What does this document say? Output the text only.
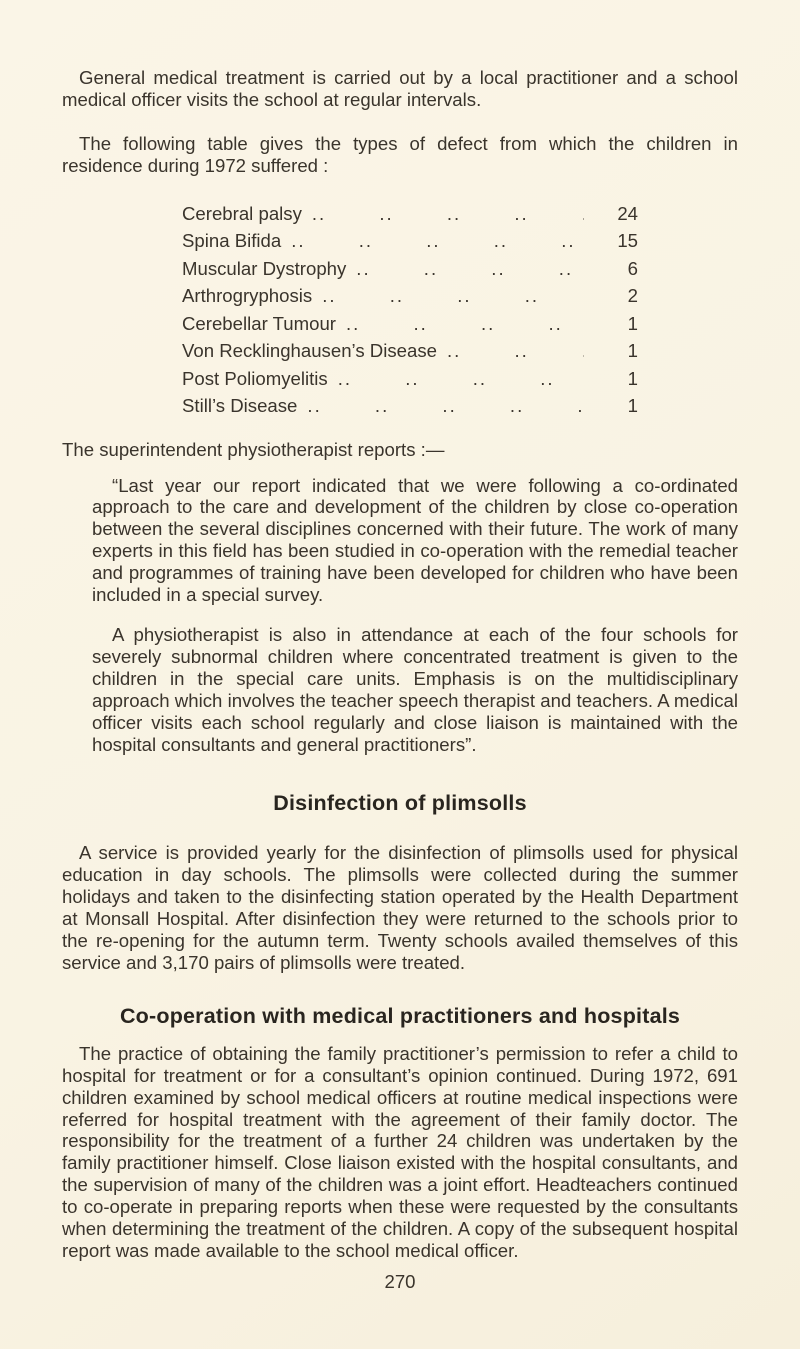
General medical treatment is carried out by a local practitioner and a school medical officer visits the school at regular intervals.

The following table gives the types of defect from which the children in residence during 1972 suffered :

Cerebral palsy .. ..	24
Spina Bifida .. ..	15
Muscular Dystrophy .. ..	6
Arthrogryphosis .. ..	2
Cerebellar Tumour .. ..	1
Von Recklinghausen’s Disease .. ..	1
Post Poliomyelitis .. ..	1
Still’s Disease .. ..	1

The superintendent physiotherapist reports :—

“Last year our report indicated that we were following a co-ordinated approach to the care and development of the children by close co-operation between the several disciplines concerned with their future. The work of many experts in this field has been studied in co-operation with the remedial teacher and programmes of training have been developed for children who have been included in a special survey.

A physiotherapist is also in attendance at each of the four schools for severely subnormal children where concentrated treatment is given to the children in the special care units. Emphasis is on the multidisciplinary approach which involves the teacher speech therapist and teachers. A medical officer visits each school regularly and close liaison is maintained with the hospital consultants and general practitioners”.

Disinfection of plimsolls

A service is provided yearly for the disinfection of plimsolls used for physical education in day schools. The plimsolls were collected during the summer holidays and taken to the disinfecting station operated by the Health Department at Monsall Hospital. After disinfection they were returned to the schools prior to the re-opening for the autumn term. Twenty schools availed themselves of this service and 3,170 pairs of plimsolls were treated.

Co-operation with medical practitioners and hospitals

The practice of obtaining the family practitioner’s permission to refer a child to hospital for treatment or for a consultant’s opinion continued. During 1972, 691 children examined by school medical officers at routine medical inspections were referred for hospital treatment with the agreement of their family doctor. The responsibility for the treatment of a further 24 children was undertaken by the family practitioner himself. Close liaison existed with the hospital consultants, and the supervision of many of the children was a joint effort. Headteachers continued to co-operate in preparing reports when these were requested by the consultants when determining the treatment of the children. A copy of the subsequent hospital report was made available to the school medical officer.

270
